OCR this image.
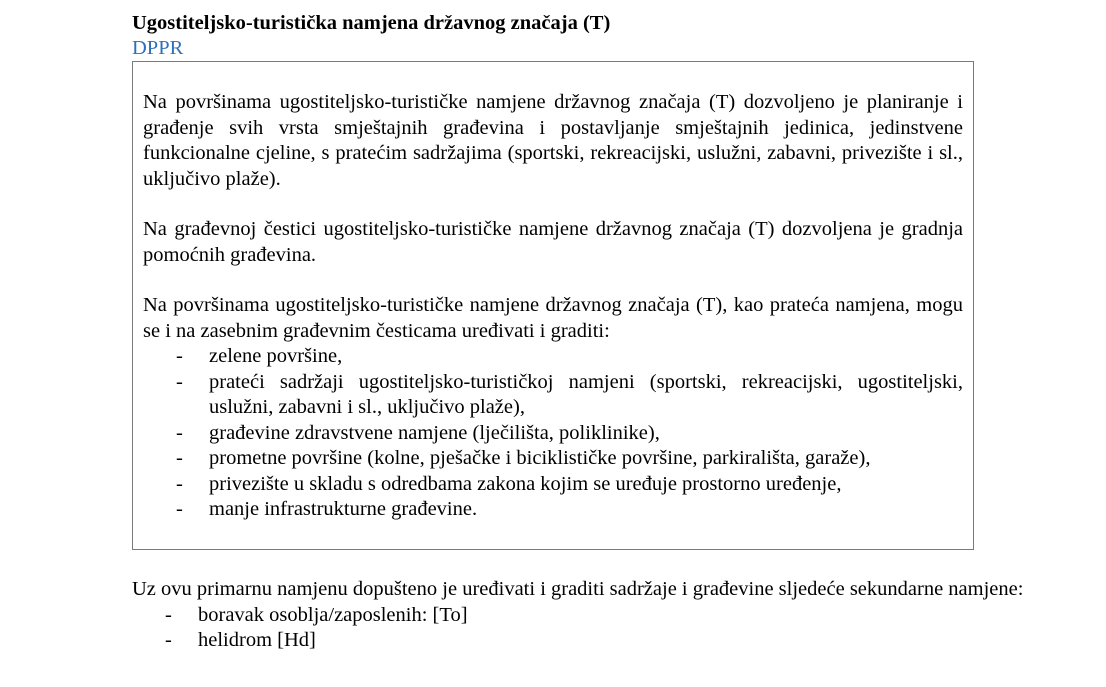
Ugostiteljsko-turistička namjena državnog značaja (T)

DPPR

Na površinama ugostiteljsko-turističke namjene državnog značaja (T) dozvoljeno je planiranje i građenje svih vrsta smještajnih građevina i postavljanje smještajnih jedinica, jedinstvene funkcionalne cjeline, s pratećim sadržajima (sportski, rekreacijski, uslužni, zabavni, privezište i sl., uključivo plaže).

Na građevnoj čestici ugostiteljsko-turističke namjene državnog značaja (T) dozvoljena je gradnja pomoćnih građevina.

Na površinama ugostiteljsko-turističke namjene državnog značaja (T), kao prateća namjena, mogu se i na zasebnim građevnim česticama uređivati i graditi:

- zelene površine,
- prateći sadržaji ugostiteljsko-turističkoj namjeni (sportski, rekreacijski, ugostiteljski, uslužni, zabavni i sl., uključivo plaže),
- građevine zdravstvene namjene (lječilišta, poliklinike),
- prometne površine (kolne, pješačke i biciklističke površine, parkirališta, garaže),
- privezište u skladu s odredbama zakona kojim se uređuje prostorno uređenje,
- manje infrastrukturne građevine.

Uz ovu primarnu namjenu dopušteno je uređivati i graditi sadržaje i građevine sljedeće sekundarne namjene:

- boravak osoblja/zaposlenih: [To]
- helidrom [Hd]
